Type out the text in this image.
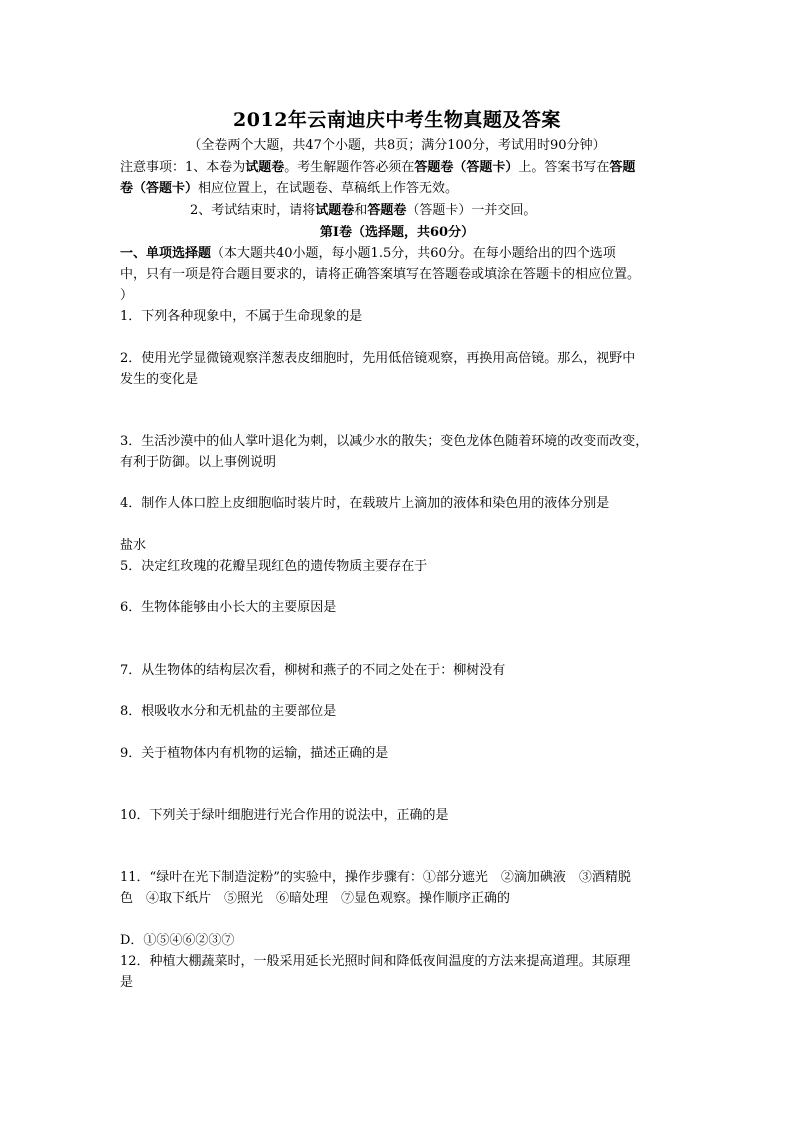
2012年云南迪庆中考生物真题及答案
（全卷两个大题，共47个小题，共8页；满分100分，考试用时90分钟）
注意事项：1、本卷为试题卷。考生解题作答必须在答题卷（答题卡）上。答案书写在答题
卷（答题卡）相应位置上，在试题卷、草稿纸上作答无效。
2、考试结束时，请将试题卷和答题卷（答题卡）一并交回。
第Ⅰ卷（选择题，共60分）
一、单项选择题（本大题共40小题，每小题1.5分，共60分。在每小题给出的四个选项
中，只有一项是符合题目要求的，请将正确答案填写在答题卷或填涂在答题卡的相应位置。
）
1．下列各种现象中，不属于生命现象的是
2．使用光学显微镜观察洋葱表皮细胞时，先用低倍镜观察，再换用高倍镜。那么，视野中
发生的变化是
3．生活沙漠中的仙人掌叶退化为刺，以减少水的散失；变色龙体色随着环境的改变而改变，
有利于防御。以上事例说明
4．制作人体口腔上皮细胞临时装片时，在载玻片上滴加的液体和染色用的液体分别是
盐水
5．决定红玫瑰的花瓣呈现红色的遗传物质主要存在于
6．生物体能够由小长大的主要原因是
7．从生物体的结构层次看，柳树和燕子的不同之处在于：柳树没有
8．根吸收水分和无机盐的主要部位是
9．关于植物体内有机物的运输，描述正确的是
10．下列关于绿叶细胞进行光合作用的说法中，正确的是
11．“绿叶在光下制造淀粉”的实验中，操作步骤有：①部分遮光　②滴加碘液　③酒精脱
色　④取下纸片　⑤照光　⑥暗处理　⑦显色观察。操作顺序正确的
D．①⑤④⑥②③⑦
12．种植大棚蔬菜时，一般采用延长光照时间和降低夜间温度的方法来提高道理。其原理
是
